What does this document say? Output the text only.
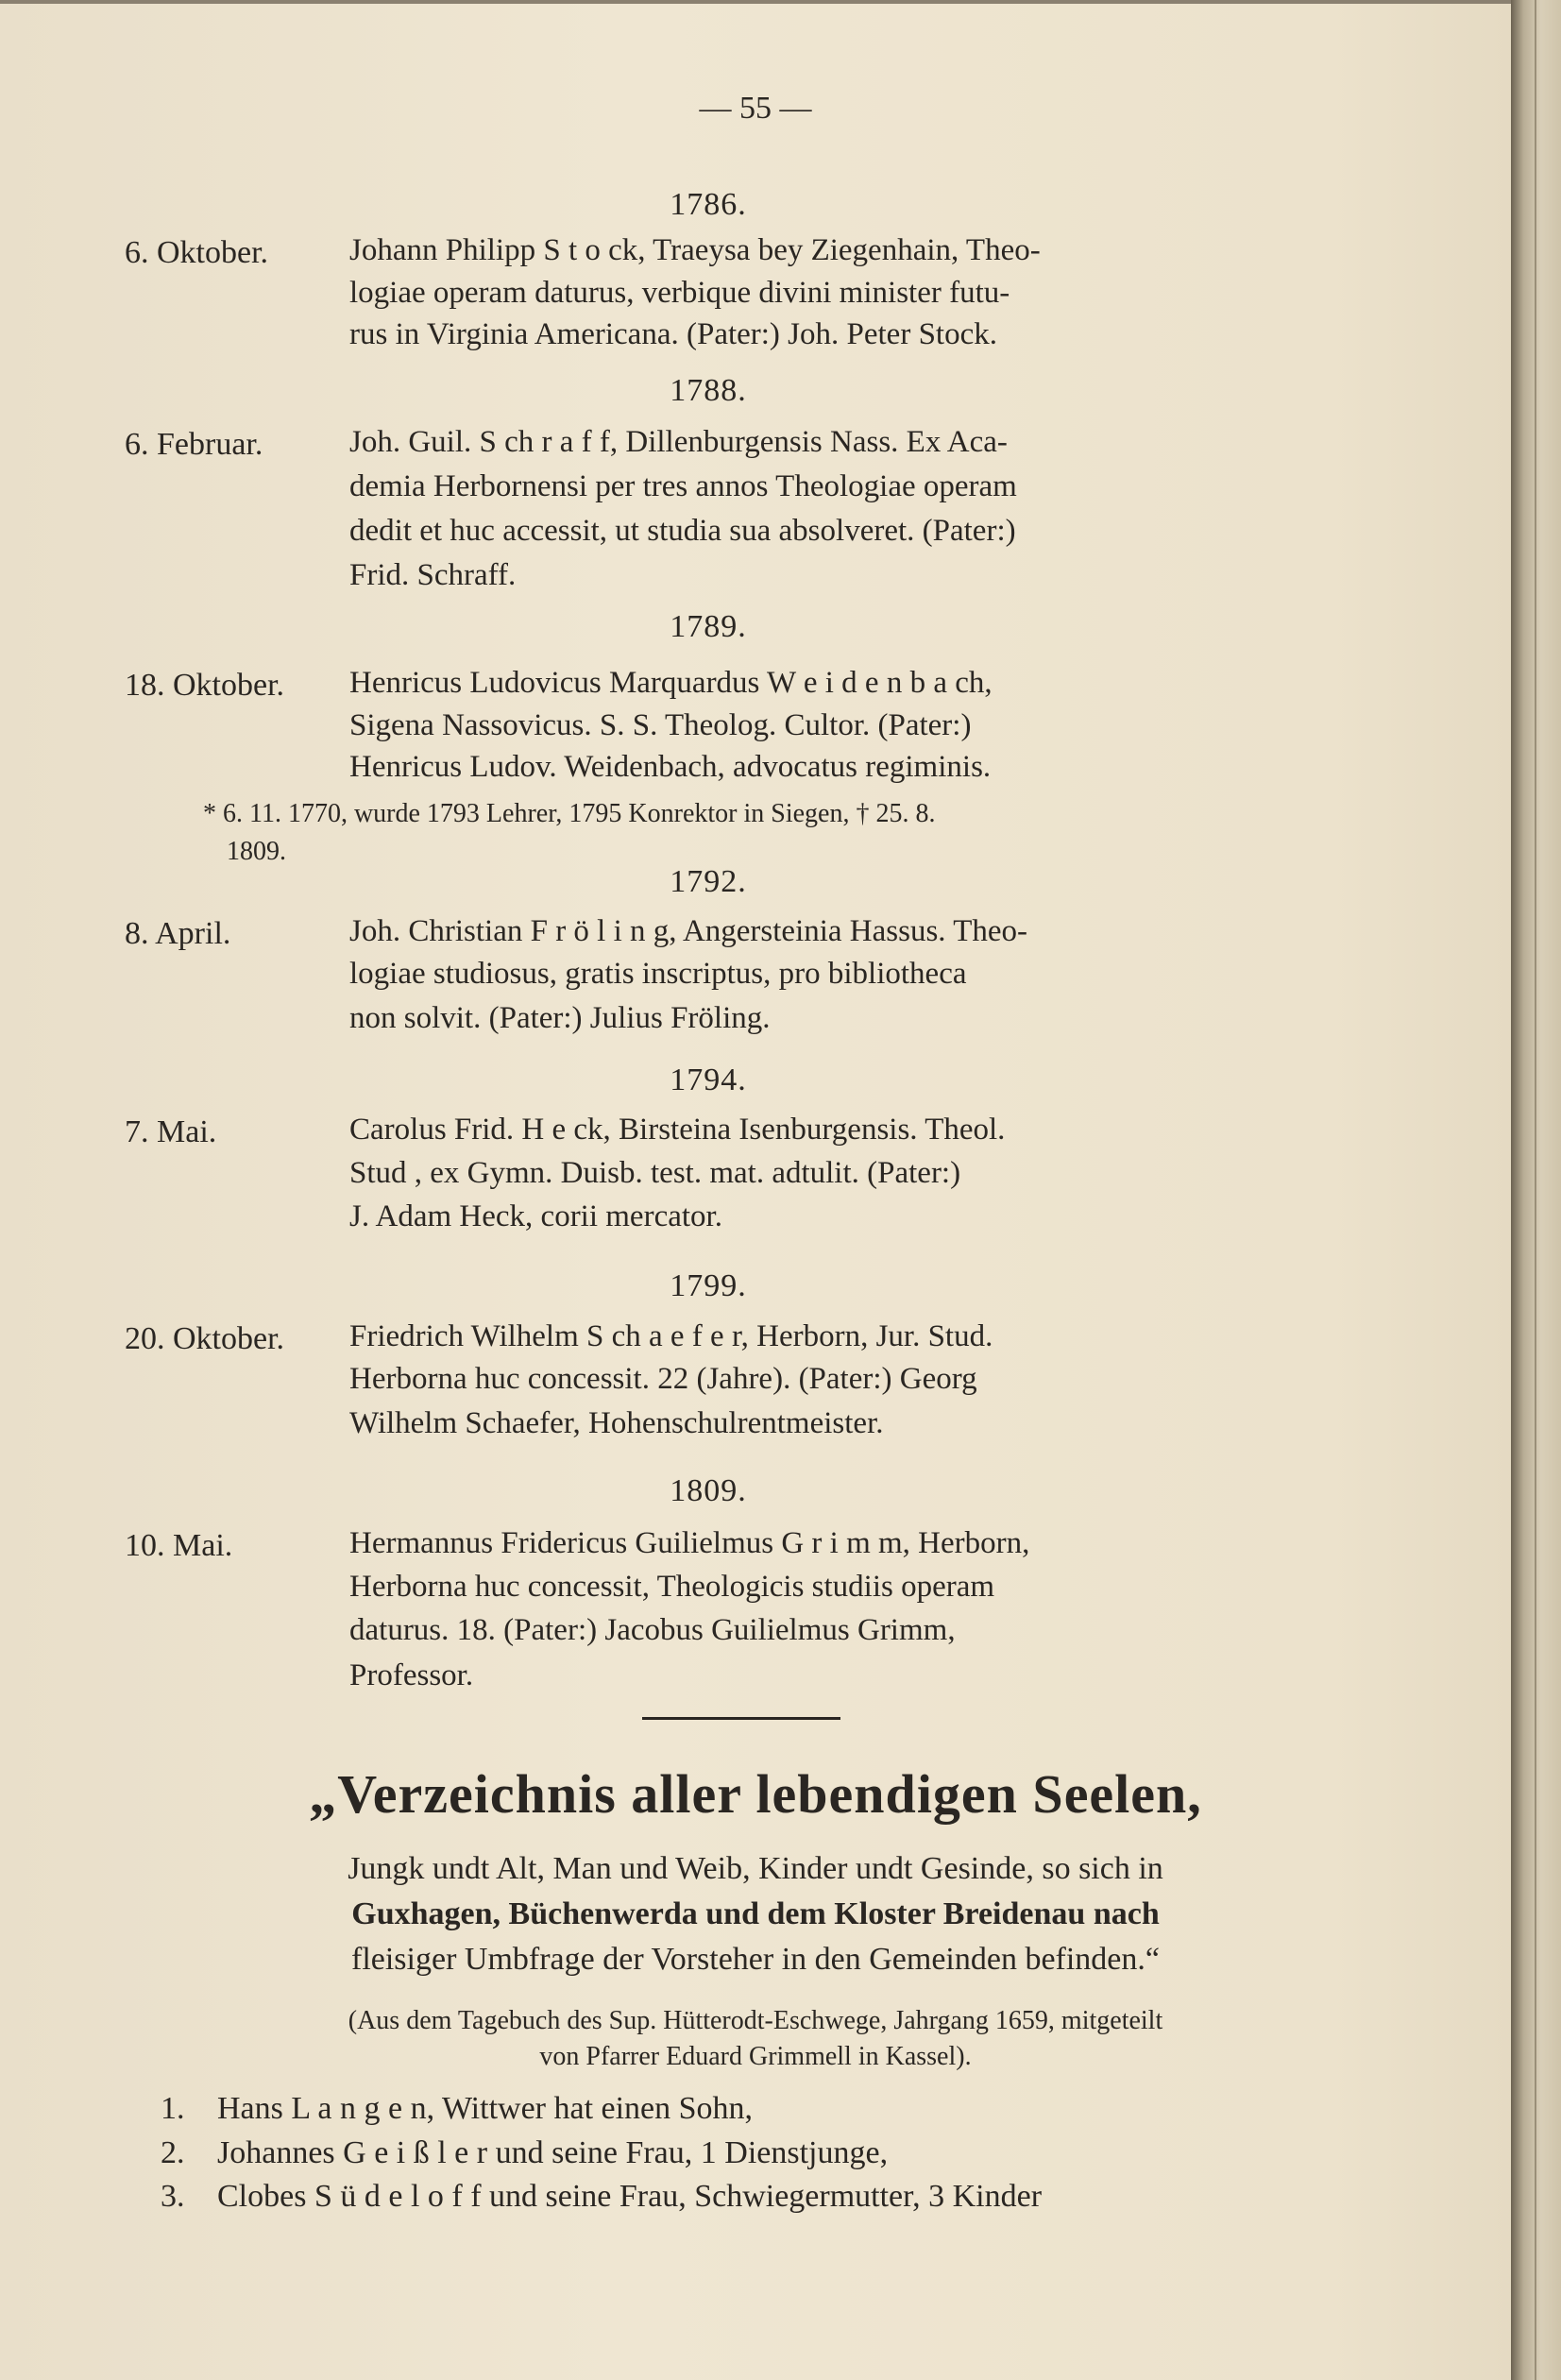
— 55 —
1786.
6. Oktober.	Johann Philipp S t o ck, Traeysa bey Ziegenhain, Theo-
logiae operam daturus, verbique divini minister futu-
rus in Virginia Americana. (Pater:) Joh. Peter Stock.
1788.
6. Februar.	Joh. Guil. S ch r a f f, Dillenburgensis Nass. Ex Aca-
demia Herbornensi per tres annos Theologiae operam
dedit et huc accessit, ut studia sua absolveret. (Pater:)
Frid. Schraff.
1789.
18. Oktober.	Henricus Ludovicus Marquardus W e i d e n b a ch,
Sigena Nassovicus. S. S. Theolog. Cultor. (Pater:)
Henricus Ludov. Weidenbach, advocatus regiminis.
* 6. 11. 1770, wurde 1793 Lehrer, 1795 Konrektor in Siegen, † 25. 8.
1809.
1792.
8. April.	Joh. Christian F r ö l i n g, Angersteinia Hassus. Theo-
logiae studiosus, gratis inscriptus, pro bibliotheca
non solvit. (Pater:) Julius Fröling.
1794.
7. Mai.	Carolus Frid. H e ck, Birsteina Isenburgensis. Theol.
Stud , ex Gymn. Duisb. test. mat. adtulit. (Pater:)
J. Adam Heck, corii mercator.
1799.
20. Oktober.	Friedrich Wilhelm S ch a e f e r, Herborn, Jur. Stud.
Herborna huc concessit. 22 (Jahre). (Pater:) Georg
Wilhelm Schaefer, Hohenschulrentmeister.
1809.
10. Mai.	Hermannus Fridericus Guilielmus G r i m m, Herborn,
Herborna huc concessit, Theologicis studiis operam
daturus. 18. (Pater:) Jacobus Guilielmus Grimm,
Professor.
„Verzeichnis aller lebendigen Seelen,
Jungk undt Alt, Man und Weib, Kinder undt Gesinde, so sich in
Guxhagen, Büchenwerda und dem Kloster Breidenau nach
fleisiger Umbfrage der Vorsteher in den Gemeinden befinden.“
(Aus dem Tagebuch des Sup. Hütterodt-Eschwege, Jahrgang 1659, mitgeteilt
von Pfarrer Eduard Grimmell in Kassel).
1. Hans L a n g e n, Wittwer hat einen Sohn,
2. Johannes G e i ß l e r und seine Frau, 1 Dienstjunge,
3. Clobes S ü d e l o f f und seine Frau, Schwiegermutter, 3 Kinder
